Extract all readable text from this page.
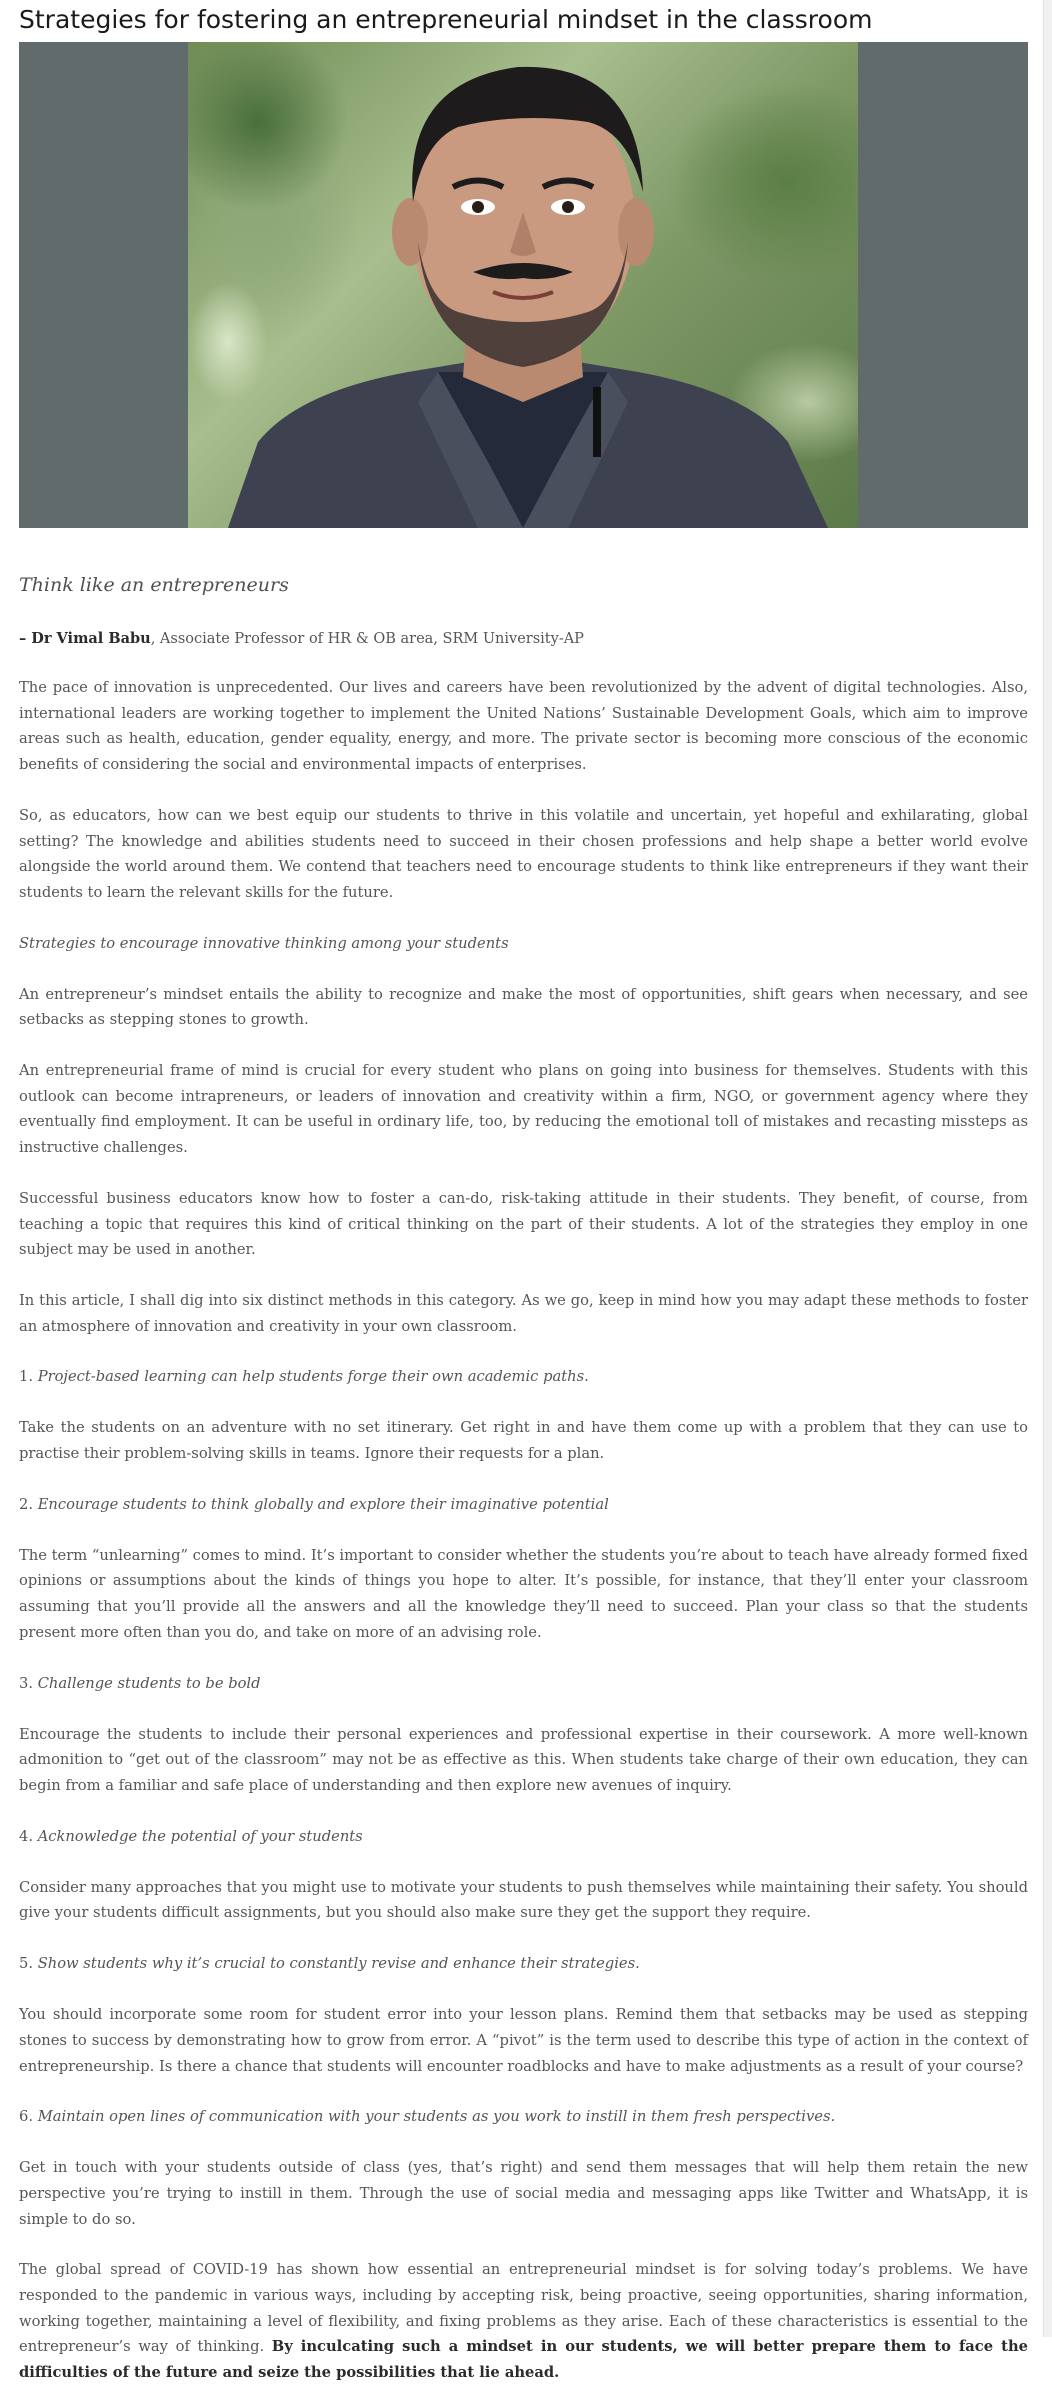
Strategies for fostering an entrepreneurial mindset in the classroom
Think like an entrepreneurs
– Dr Vimal Babu, Associate Professor of HR & OB area, SRM University-AP

The pace of innovation is unprecedented. Our lives and careers have been revolutionized by the advent of digital technologies. Also, international leaders are working together to implement the United Nations’ Sustainable Development Goals, which aim to improve areas such as health, education, gender equality, energy, and more. The private sector is becoming more conscious of the economic benefits of considering the social and environmental impacts of enterprises.

So, as educators, how can we best equip our students to thrive in this volatile and uncertain, yet hopeful and exhilarating, global setting? The knowledge and abilities students need to succeed in their chosen professions and help shape a better world evolve alongside the world around them. We contend that teachers need to encourage students to think like entrepreneurs if they want their students to learn the relevant skills for the future.

Strategies to encourage innovative thinking among your students

An entrepreneur’s mindset entails the ability to recognize and make the most of opportunities, shift gears when necessary, and see setbacks as stepping stones to growth.

An entrepreneurial frame of mind is crucial for every student who plans on going into business for themselves. Students with this outlook can become intrapreneurs, or leaders of innovation and creativity within a firm, NGO, or government agency where they eventually find employment. It can be useful in ordinary life, too, by reducing the emotional toll of mistakes and recasting missteps as instructive challenges.

Successful business educators know how to foster a can-do, risk-taking attitude in their students. They benefit, of course, from teaching a topic that requires this kind of critical thinking on the part of their students. A lot of the strategies they employ in one subject may be used in another.

In this article, I shall dig into six distinct methods in this category. As we go, keep in mind how you may adapt these methods to foster an atmosphere of innovation and creativity in your own classroom.

1. Project-based learning can help students forge their own academic paths.

Take the students on an adventure with no set itinerary. Get right in and have them come up with a problem that they can use to practise their problem-solving skills in teams. Ignore their requests for a plan.

2. Encourage students to think globally and explore their imaginative potential

The term “unlearning” comes to mind. It’s important to consider whether the students you’re about to teach have already formed fixed opinions or assumptions about the kinds of things you hope to alter. It’s possible, for instance, that they’ll enter your classroom assuming that you’ll provide all the answers and all the knowledge they’ll need to succeed. Plan your class so that the students present more often than you do, and take on more of an advising role.

3. Challenge students to be bold

Encourage the students to include their personal experiences and professional expertise in their coursework. A more well-known admonition to “get out of the classroom” may not be as effective as this. When students take charge of their own education, they can begin from a familiar and safe place of understanding and then explore new avenues of inquiry.

4. Acknowledge the potential of your students

Consider many approaches that you might use to motivate your students to push themselves while maintaining their safety. You should give your students difficult assignments, but you should also make sure they get the support they require.

5. Show students why it’s crucial to constantly revise and enhance their strategies.

You should incorporate some room for student error into your lesson plans. Remind them that setbacks may be used as stepping stones to success by demonstrating how to grow from error. A “pivot” is the term used to describe this type of action in the context of entrepreneurship. Is there a chance that students will encounter roadblocks and have to make adjustments as a result of your course?

6. Maintain open lines of communication with your students as you work to instill in them fresh perspectives.

Get in touch with your students outside of class (yes, that’s right) and send them messages that will help them retain the new perspective you’re trying to instill in them. Through the use of social media and messaging apps like Twitter and WhatsApp, it is simple to do so.

The global spread of COVID-19 has shown how essential an entrepreneurial mindset is for solving today’s problems. We have responded to the pandemic in various ways, including by accepting risk, being proactive, seeing opportunities, sharing information, working together, maintaining a level of flexibility, and fixing problems as they arise. Each of these characteristics is essential to the entrepreneur’s way of thinking. By inculcating such a mindset in our students, we will better prepare them to face the difficulties of the future and seize the possibilities that lie ahead.
